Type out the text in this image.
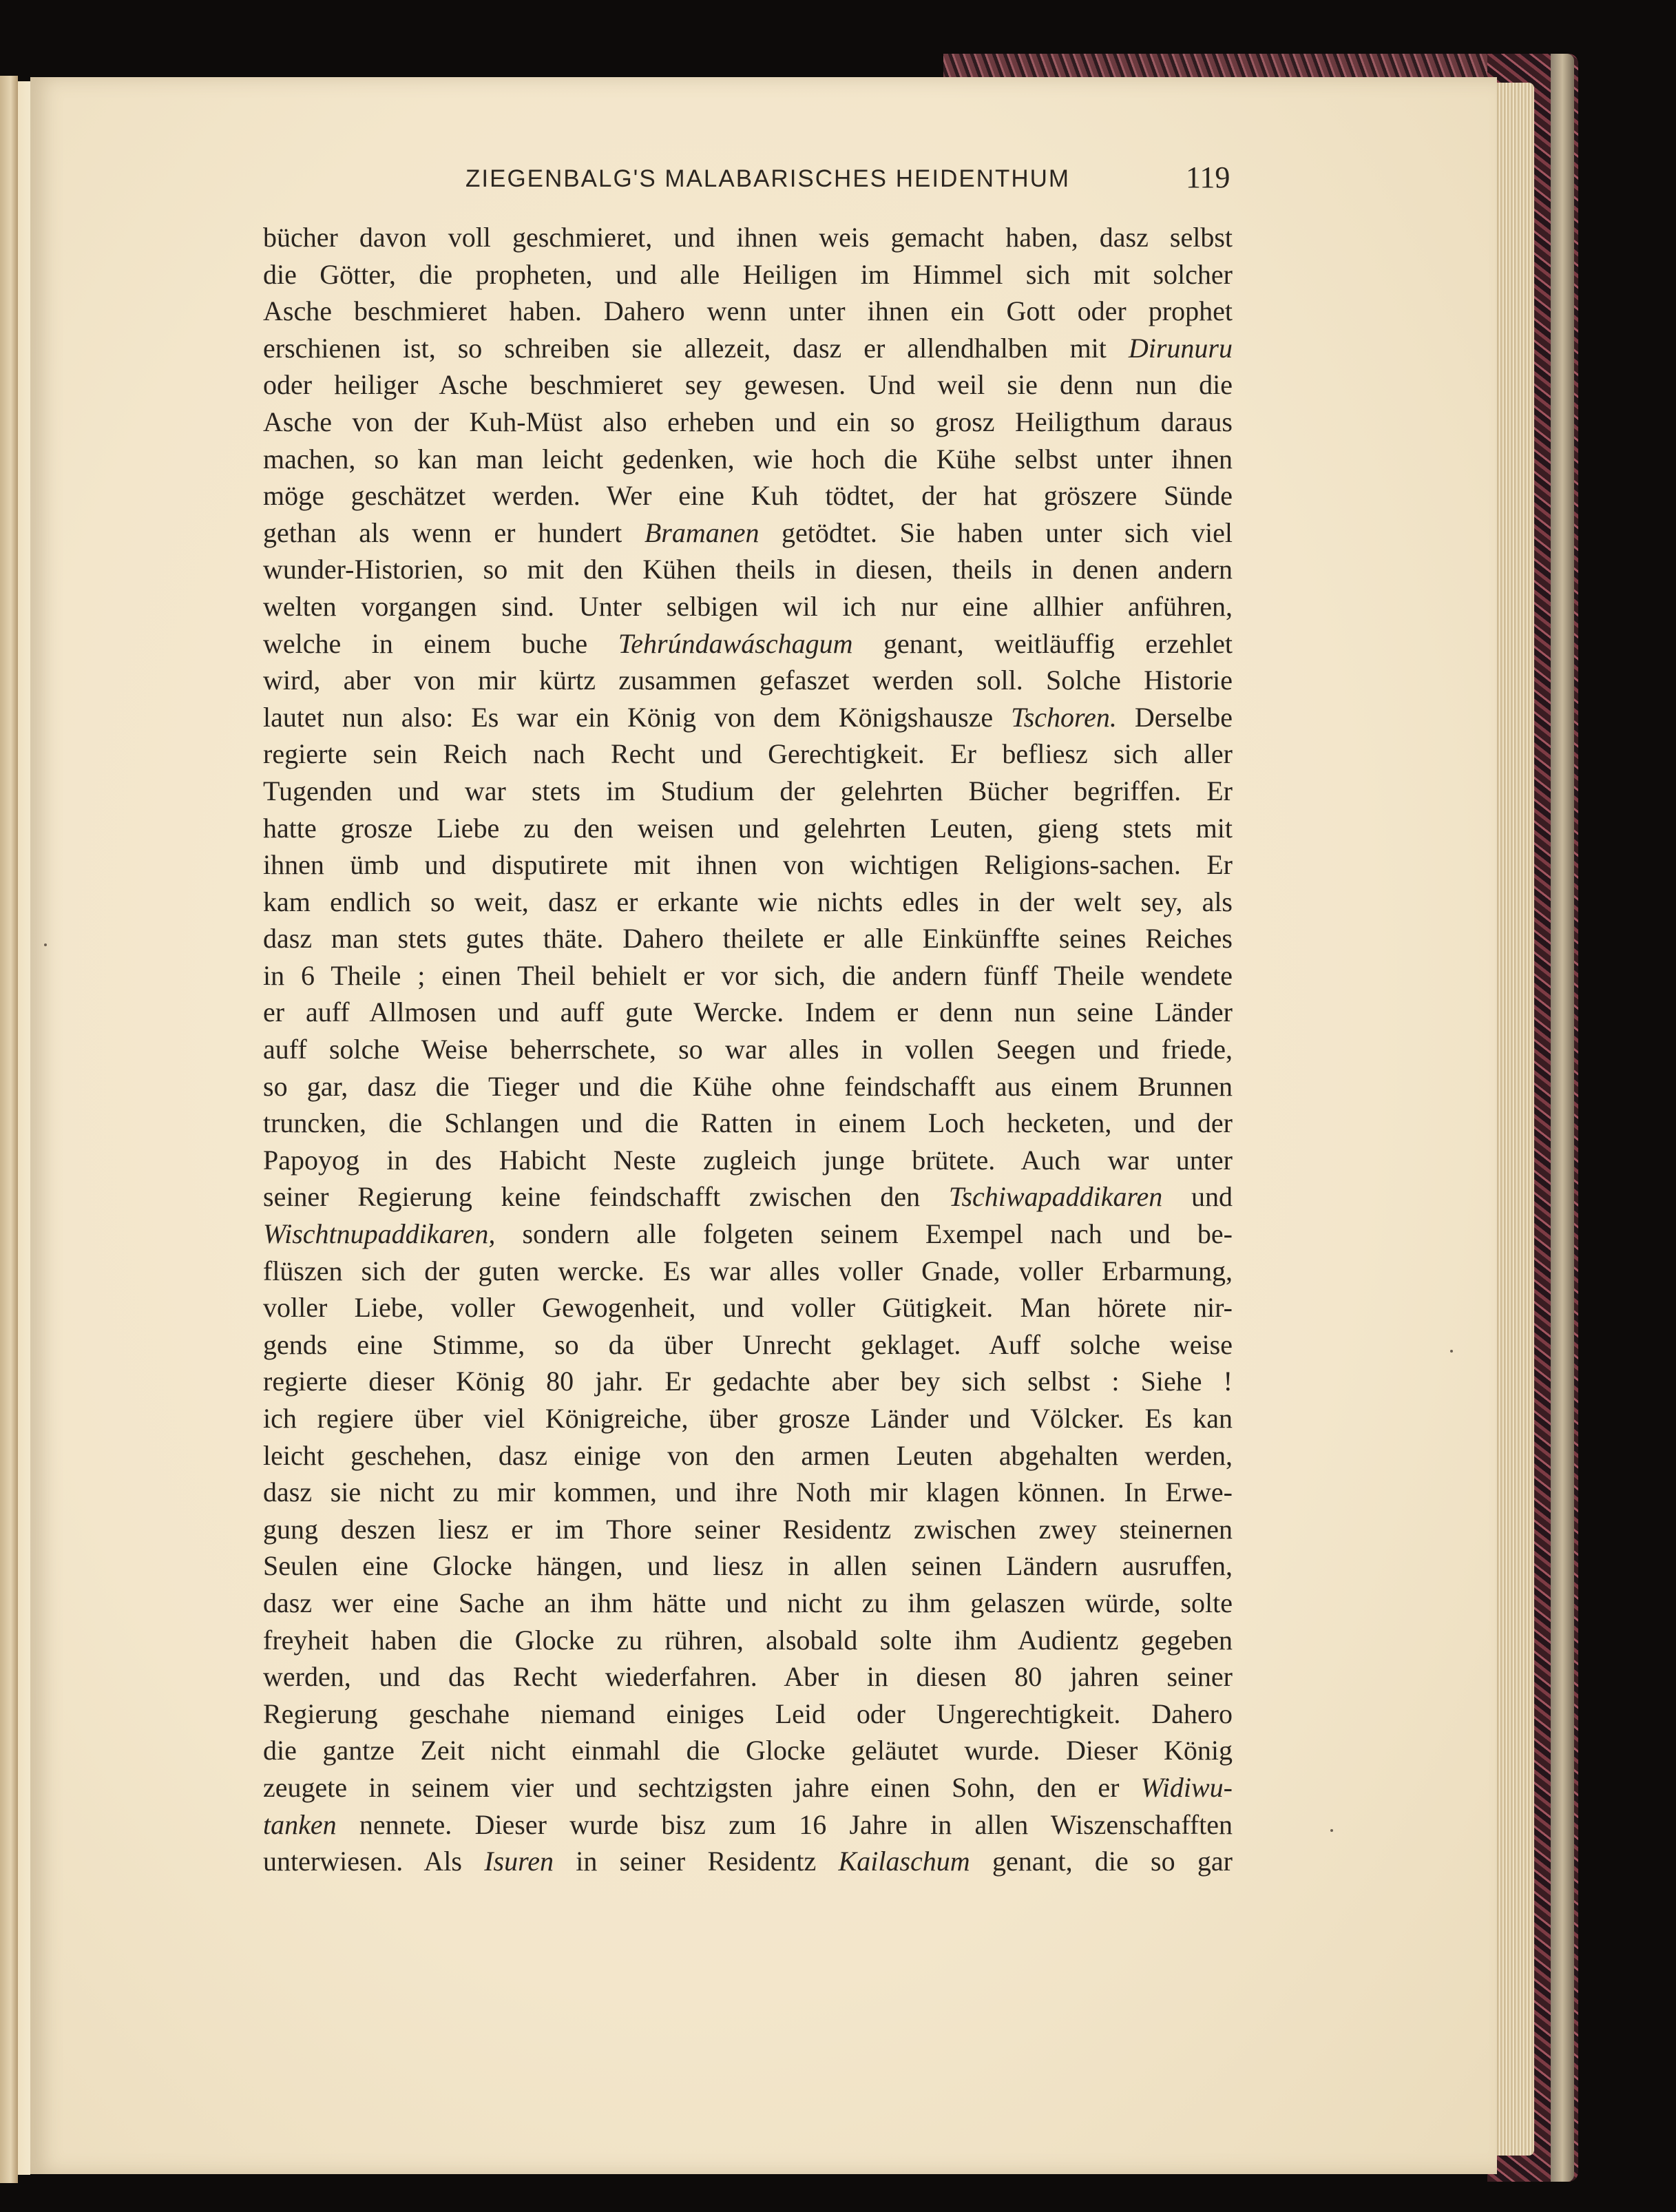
ZIEGENBALG'S MALABARISCHES HEIDENTHUM	119
bücher davon voll geschmieret, und ihnen weis gemacht haben, dasz selbst
die Götter, die propheten, und alle Heiligen im Himmel sich mit solcher
Asche beschmieret haben. Dahero wenn unter ihnen ein Gott oder prophet
erschienen ist, so schreiben sie allezeit, dasz er allendhalben mit Dirunuru
oder heiliger Asche beschmieret sey gewesen. Und weil sie denn nun die
Asche von der Kuh-Müst also erheben und ein so grosz Heiligthum daraus
machen, so kan man leicht gedenken, wie hoch die Kühe selbst unter ihnen
möge geschätzet werden. Wer eine Kuh tödtet, der hat gröszere Sünde
gethan als wenn er hundert Bramanen getödtet. Sie haben unter sich viel
wunder-Historien, so mit den Kühen theils in diesen, theils in denen andern
welten vorgangen sind. Unter selbigen wil ich nur eine allhier anführen,
welche in einem buche Tehrúndawáschagum genant, weitläuffig erzehlet
wird, aber von mir kürtz zusammen gefaszet werden soll. Solche Historie
lautet nun also: Es war ein König von dem Königshausze Tschoren. Derselbe
regierte sein Reich nach Recht und Gerechtigkeit. Er befliesz sich aller
Tugenden und war stets im Studium der gelehrten Bücher begriffen. Er
hatte grosze Liebe zu den weisen und gelehrten Leuten, gieng stets mit
ihnen ümb und disputirete mit ihnen von wichtigen Religions-sachen. Er
kam endlich so weit, dasz er erkante wie nichts edles in der welt sey, als
dasz man stets gutes thäte. Dahero theilete er alle Einkünffte seines Reiches
in 6 Theile ; einen Theil behielt er vor sich, die andern fünff Theile wendete
er auff Allmosen und auff gute Wercke. Indem er denn nun seine Länder
auff solche Weise beherrschete, so war alles in vollen Seegen und friede,
so gar, dasz die Tieger und die Kühe ohne feindschafft aus einem Brunnen
truncken, die Schlangen und die Ratten in einem Loch hecketen, und der
Papoyog in des Habicht Neste zugleich junge brütete. Auch war unter
seiner Regierung keine feindschafft zwischen den Tschiwapaddikaren und
Wischtnupaddikaren, sondern alle folgeten seinem Exempel nach und be-
flüszen sich der guten wercke. Es war alles voller Gnade, voller Erbarmung,
voller Liebe, voller Gewogenheit, und voller Gütigkeit. Man hörete nir-
gends eine Stimme, so da über Unrecht geklaget. Auff solche weise
regierte dieser König 80 jahr. Er gedachte aber bey sich selbst : Siehe !
ich regiere über viel Königreiche, über grosze Länder und Völcker. Es kan
leicht geschehen, dasz einige von den armen Leuten abgehalten werden,
dasz sie nicht zu mir kommen, und ihre Noth mir klagen können. In Erwe-
gung deszen liesz er im Thore seiner Residentz zwischen zwey steinernen
Seulen eine Glocke hängen, und liesz in allen seinen Ländern ausruffen,
dasz wer eine Sache an ihm hätte und nicht zu ihm gelaszen würde, solte
freyheit haben die Glocke zu rühren, alsobald solte ihm Audientz gegeben
werden, und das Recht wiederfahren. Aber in diesen 80 jahren seiner
Regierung geschahe niemand einiges Leid oder Ungerechtigkeit. Dahero
die gantze Zeit nicht einmahl die Glocke geläutet wurde. Dieser König
zeugete in seinem vier und sechtzigsten jahre einen Sohn, den er Widiwu-
tanken nennete. Dieser wurde bisz zum 16 Jahre in allen Wiszenschafften
unterwiesen. Als Isuren in seiner Residentz Kailaschum genant, die so gar
